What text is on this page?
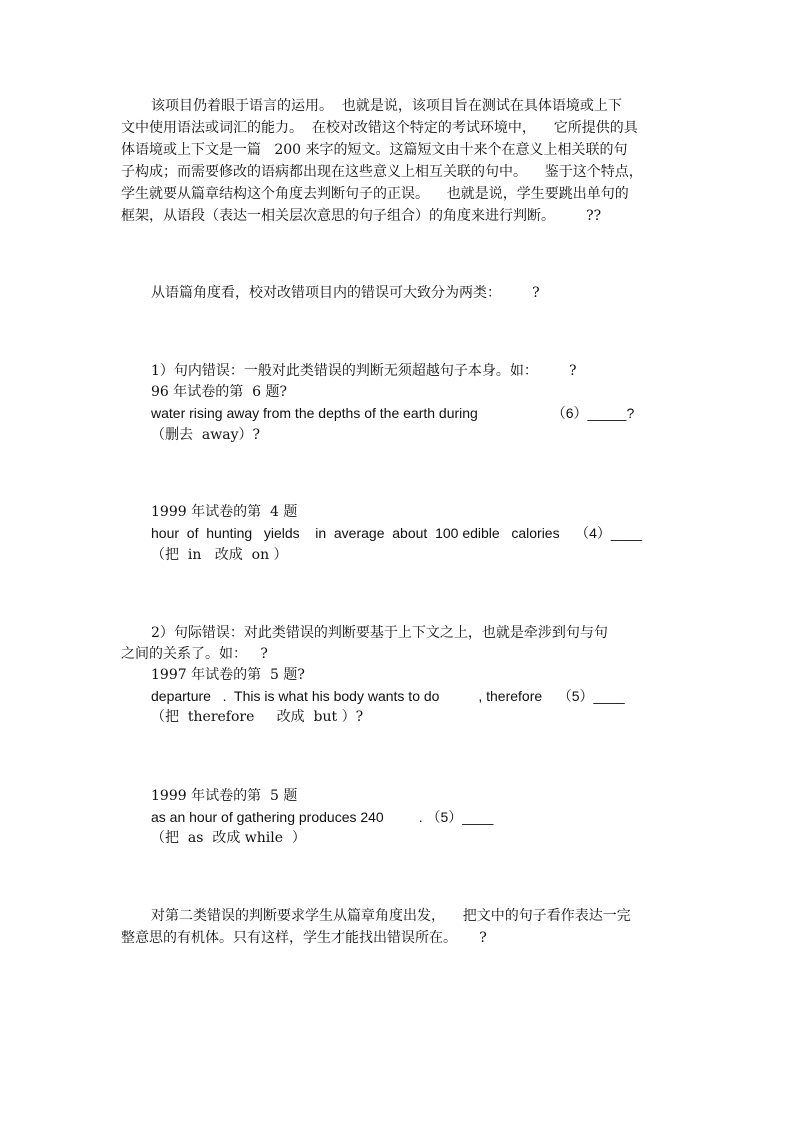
该项目仍着眼于语言的运用。  也就是说，该项目旨在测试在具体语境或上下
文中使用语法或词汇的能力。  在校对改错这个特定的考试环境中，    它所提供的具
体语境或上下文是一篇   200 来字的短文。这篇短文由十来个在意义上相关联的句
子构成；而需要修改的语病都出现在这些意义上相互关联的句中。    鉴于这个特点，
学生就要从篇章结构这个角度去判断句子的正误。    也就是说，学生要跳出单句的
框架，从语段（表达一相关层次意思的句子组合）的角度来进行判断。       ??
从语篇角度看，校对改错项目内的错误可大致分为两类：       ?
1）句内错误：一般对此类错误的判断无须超越句子本身。如：       ?
96 年试卷的第  6 题?
water rising away from the depths of the earth during                   （6）_____?
（删去  away）?
1999 年试卷的第  4 题
hour  of  hunting   yields    in  average  about  100 edible   calories    （4）____
（把  in   改成  on ）
2）句际错误：对此类错误的判断要基于上下文之上，也就是牵涉到句与句
之间的关系了。如：   ?
1997 年试卷的第  5 题?
departure   .  This is what his body wants to do          , therefore    （5）____
（把  therefore     改成  but ）?
1999 年试卷的第  5 题
as an hour of gathering produces 240         . （5）____
（把  as  改成 while  ）
对第二类错误的判断要求学生从篇章角度出发，    把文中的句子看作表达一完
整意思的有机体。只有这样，学生才能找出错误所在。     ?
